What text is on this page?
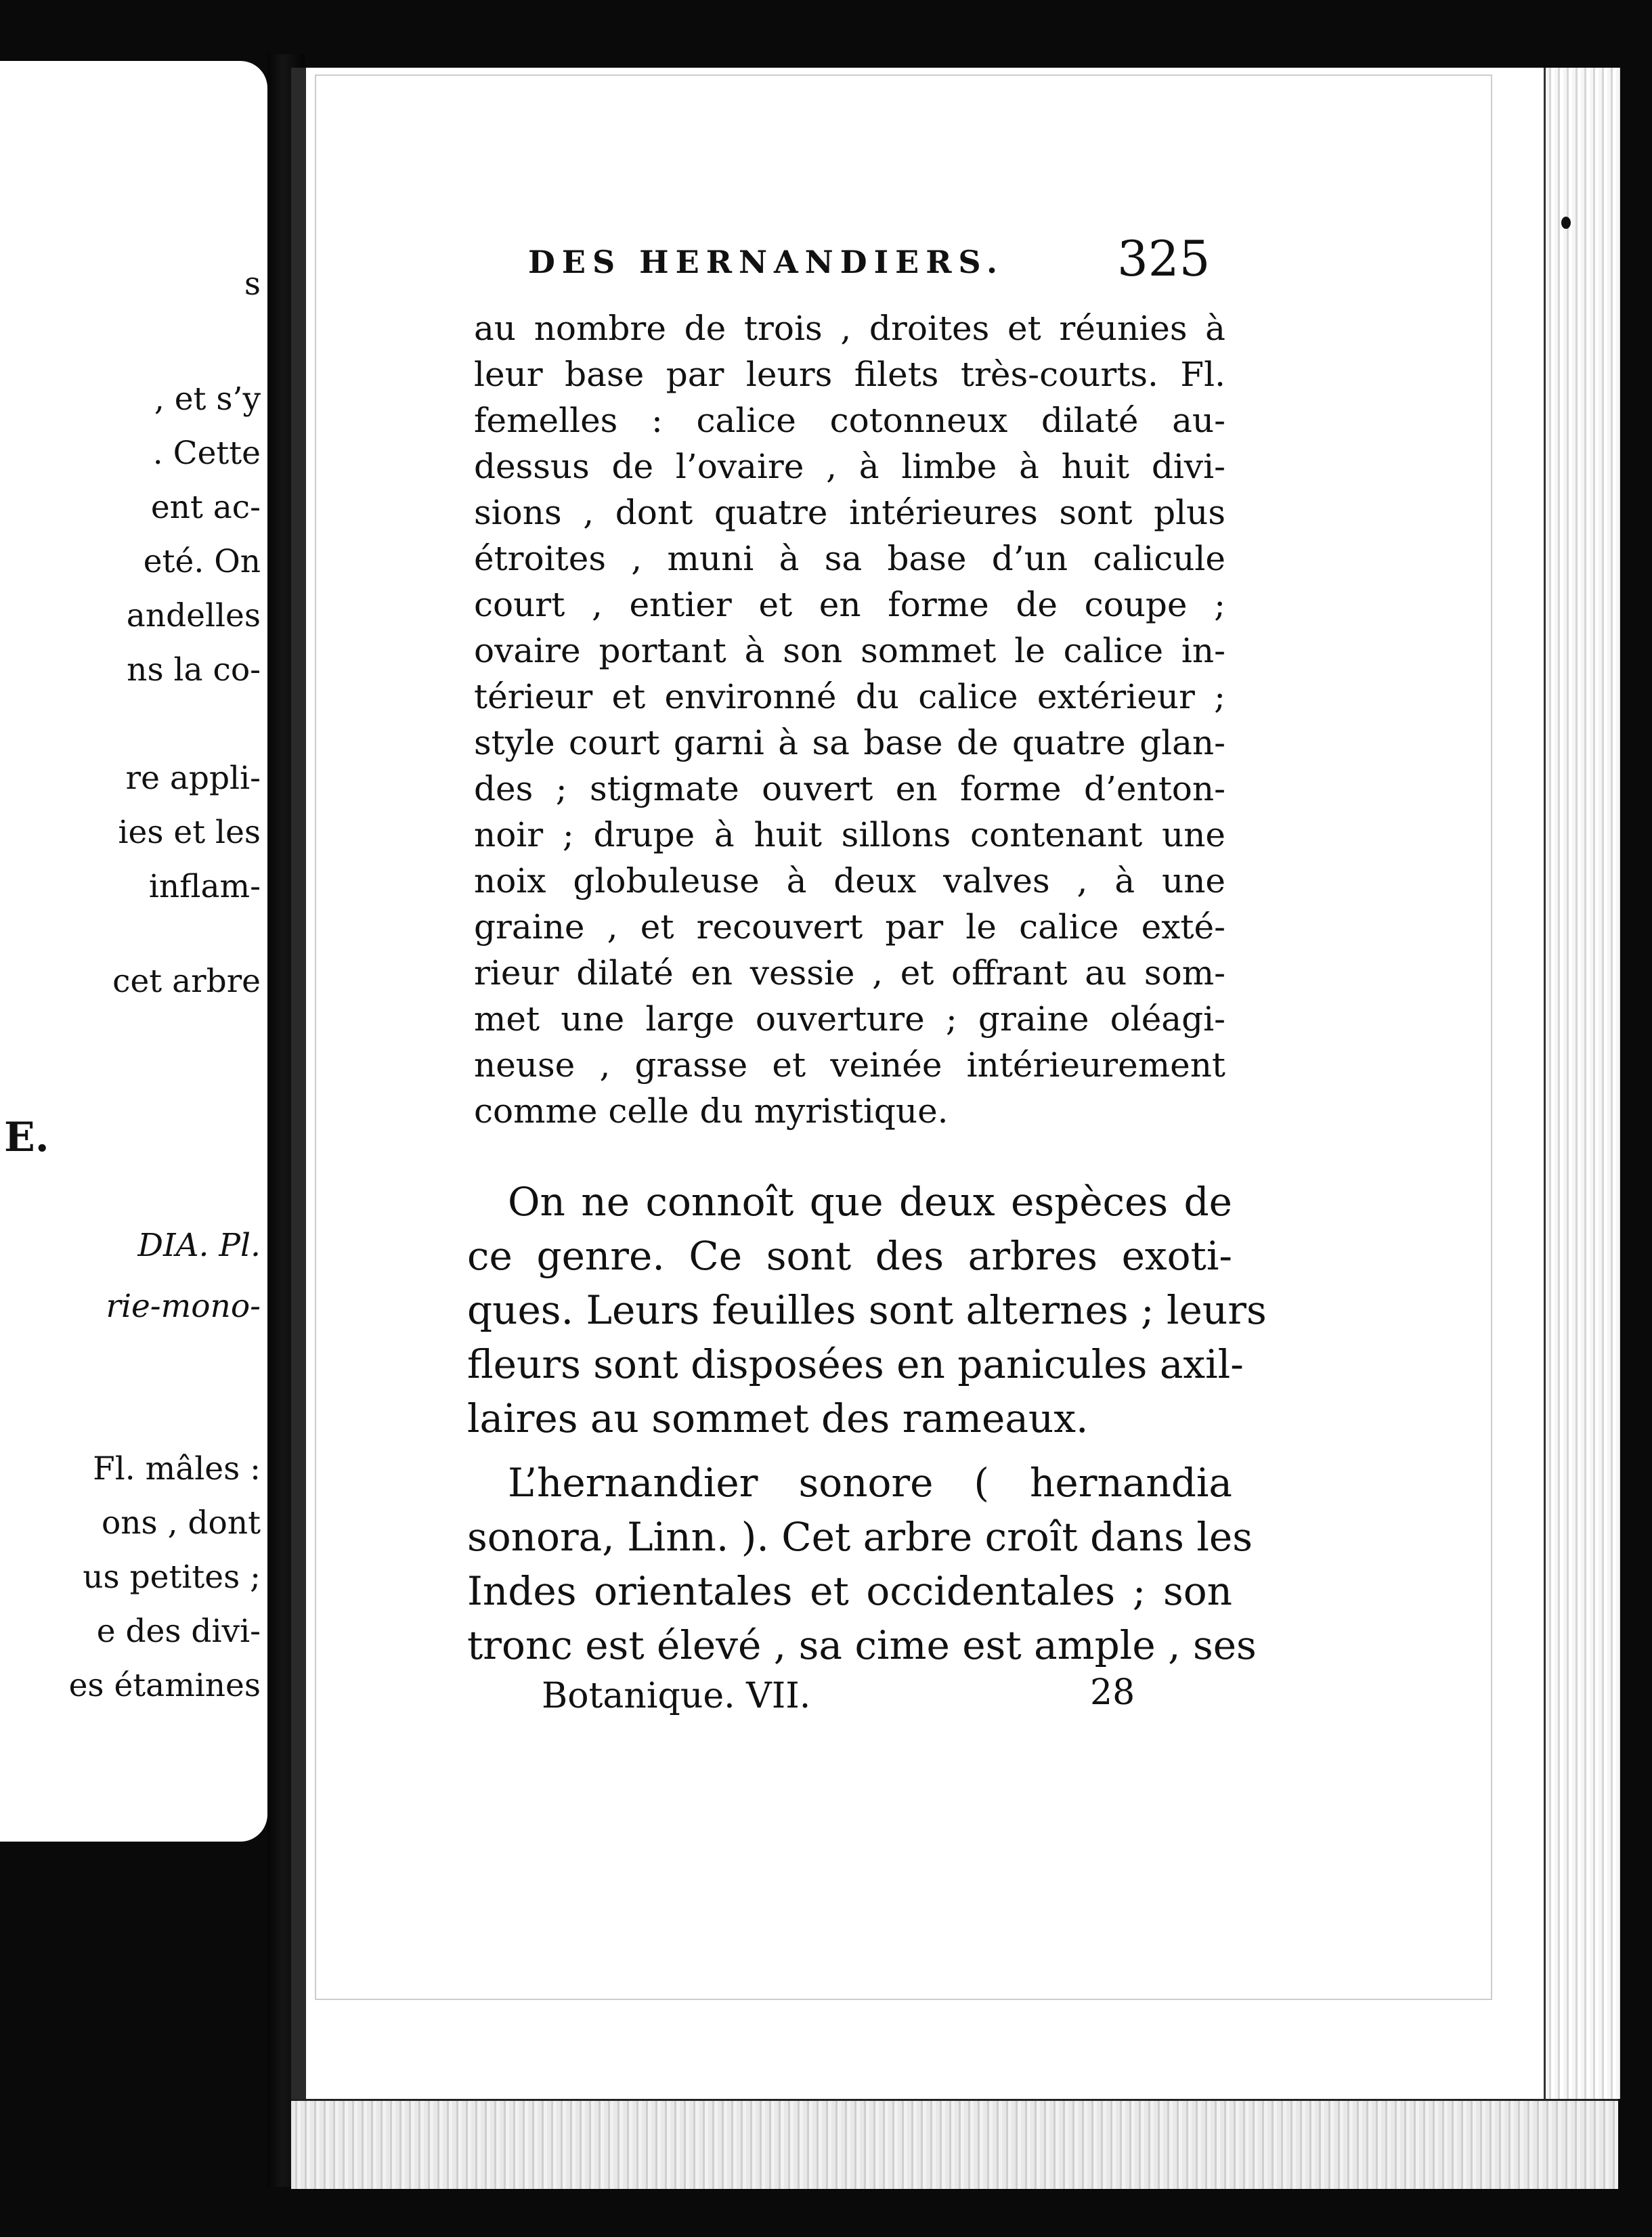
s
, et s’y
. Cette
ent ac-
eté. On
andelles
ns la co-
re appli-
ies et les
inflam-
cet arbre
E.
DIA. Pl.
rie-mono-
Fl. mâles :
ons , dont
us petites ;
e des divi-
es étamines
DES HERNANDIERS.	325
au nombre de trois , droites et réunies à
leur base par leurs filets très-courts. Fl.
femelles : calice cotonneux dilaté au-
dessus de l’ovaire , à limbe à huit divi-
sions , dont quatre intérieures sont plus
étroites , muni à sa base d’un calicule
court , entier et en forme de coupe ;
ovaire portant à son sommet le calice in-
térieur et environné du calice extérieur ;
style court garni à sa base de quatre glan-
des ; stigmate ouvert en forme d’enton-
noir ; drupe à huit sillons contenant une
noix globuleuse à deux valves , à une
graine , et recouvert par le calice exté-
rieur dilaté en vessie , et offrant au som-
met une large ouverture ; graine oléagi-
neuse , grasse et veinée intérieurement
comme celle du myristique.
On ne connoît que deux espèces de
ce genre. Ce sont des arbres exoti-
ques. Leurs feuilles sont alternes ; leurs
fleurs sont disposées en panicules axil-
laires au sommet des rameaux.
L’hernandier sonore ( hernandia
sonora, Linn. ). Cet arbre croît dans les
Indes orientales et occidentales ; son
tronc est élevé , sa cime est ample , ses
Botanique. VII.	28
